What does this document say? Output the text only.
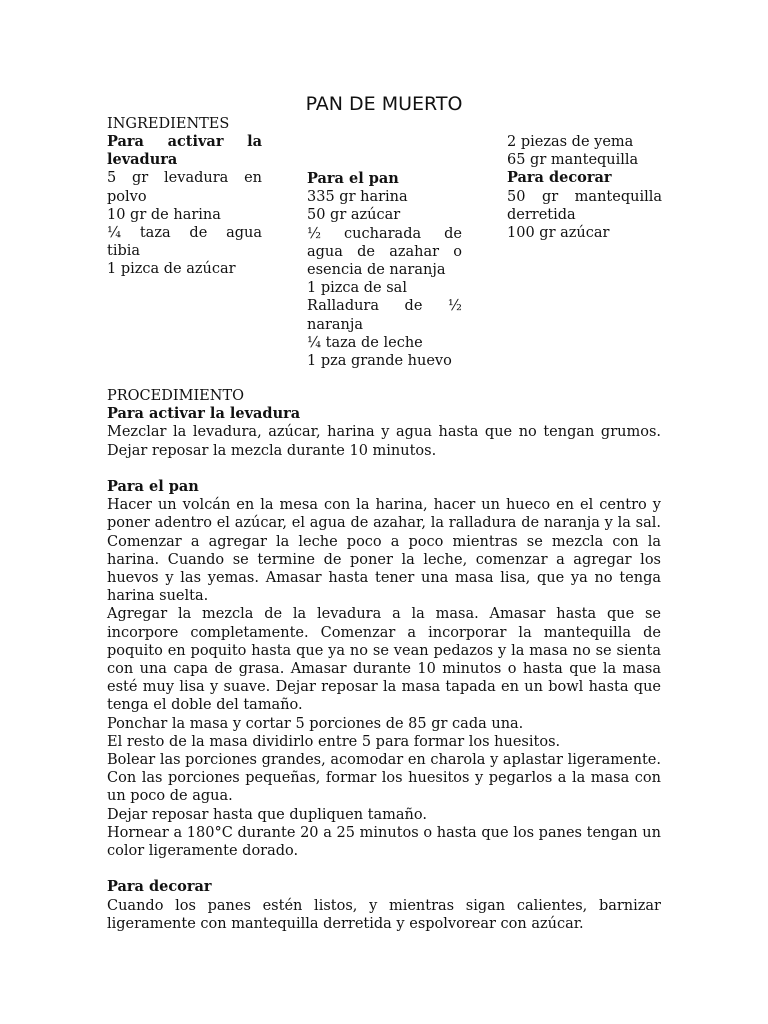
PAN DE MUERTO
INGREDIENTES
Para activar la
levadura
5 gr levadura en
polvo
10 gr de harina
¼ taza de agua
tibia
1 pizca de azúcar
Para el pan
335 gr harina
50 gr azúcar
½ cucharada de
agua de azahar o
esencia de naranja
1 pizca de sal
Ralladura de ½
naranja
¼ taza de leche
1 pza grande huevo
2 piezas de yema
65 gr mantequilla
Para decorar
50 gr mantequilla
derretida
100 gr azúcar
PROCEDIMIENTO
Para activar la levadura

Mezclar la levadura, azúcar, harina y agua hasta que no tengan grumos. Dejar reposar la mezcla durante 10 minutos.

Para el pan

Hacer un volcán en la mesa con la harina, hacer un hueco en el centro y poner adentro el azúcar, el agua de azahar, la ralladura de naranja y la sal. Comenzar a agregar la leche poco a poco mientras se mezcla con la harina. Cuando se termine de poner la leche, comenzar a agregar los huevos y las yemas. Amasar hasta tener una masa lisa, que ya no tenga harina suelta.

Agregar la mezcla de la levadura a la masa. Amasar hasta que se incorpore completamente. Comenzar a incorporar la mantequilla de poquito en poquito hasta que ya no se vean pedazos y la masa no se sienta con una capa de grasa. Amasar durante 10 minutos o hasta que la masa esté muy lisa y suave. Dejar reposar la masa tapada en un bowl hasta que tenga el doble del tamaño.

Ponchar la masa y cortar 5 porciones de 85 gr cada una.

El resto de la masa dividirlo entre 5 para formar los huesitos.

Bolear las porciones grandes, acomodar en charola y aplastar ligeramente. Con las porciones pequeñas, formar los huesitos y pegarlos a la masa con un poco de agua.

Dejar reposar hasta que dupliquen tamaño.

Hornear a 180°C durante 20 a 25 minutos o hasta que los panes tengan un color ligeramente dorado.

Para decorar

Cuando los panes estén listos, y mientras sigan calientes, barnizar ligeramente con mantequilla derretida y espolvorear con azúcar.
